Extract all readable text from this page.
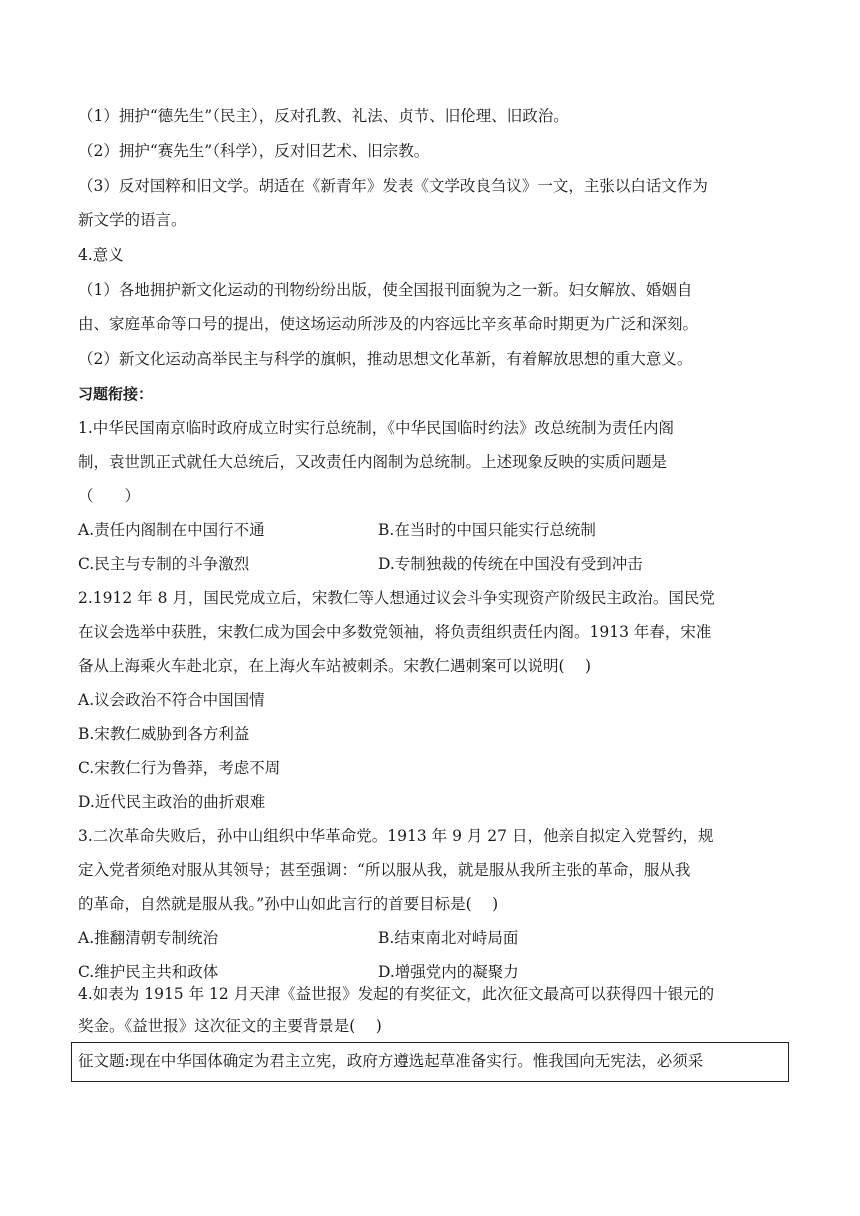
（1）拥护“德先生”（民主），反对孔教、礼法、贞节、旧伦理、旧政治。
（2）拥护“赛先生”（科学），反对旧艺术、旧宗教。
（3）反对国粹和旧文学。胡适在《新青年》发表《文学改良刍议》一文，主张以白话文作为
新文学的语言。
4.意义
（1）各地拥护新文化运动的刊物纷纷出版，使全国报刊面貌为之一新。妇女解放、婚姻自
由、家庭革命等口号的提出，使这场运动所涉及的内容远比辛亥革命时期更为广泛和深刻。
（2）新文化运动高举民主与科学的旗帜，推动思想文化革新，有着解放思想的重大意义。
习题衔接：
1.中华民国南京临时政府成立时实行总统制，《中华民国临时约法》改总统制为责任内阁
制，袁世凯正式就任大总统后，又改责任内阁制为总统制。上述现象反映的实质问题是
（　　）
A.责任内阁制在中国行不通	B.在当时的中国只能实行总统制
C.民主与专制的斗争激烈	D.专制独裁的传统在中国没有受到冲击
2.1912 年 8 月，国民党成立后，宋教仁等人想通过议会斗争实现资产阶级民主政治。国民党
在议会选举中获胜，宋教仁成为国会中多数党领袖，将负责组织责任内阁。1913 年春，宋准
备从上海乘火车赴北京，在上海火车站被刺杀。宋教仁遇刺案可以说明(　 )
A.议会政治不符合中国国情
B.宋教仁威胁到各方利益
C.宋教仁行为鲁莽，考虑不周
D.近代民主政治的曲折艰难
3.二次革命失败后，孙中山组织中华革命党。1913 年 9 月 27 日，他亲自拟定入党誓约，规
定入党者须绝对服从其领导；甚至强调：“所以服从我，就是服从我所主张的革命，服从我
的革命，自然就是服从我。”孙中山如此言行的首要目标是(　 )
A.推翻清朝专制统治	B.结束南北对峙局面
C.维护民主共和政体	D.增强党内的凝聚力
4.如表为 1915 年 12 月天津《益世报》发起的有奖征文，此次征文最高可以获得四十银元的
奖金。《益世报》这次征文的主要背景是(　 )
征文题:现在中华国体确定为君主立宪，政府方遵选起草准备实行。惟我国向无宪法，必须采
